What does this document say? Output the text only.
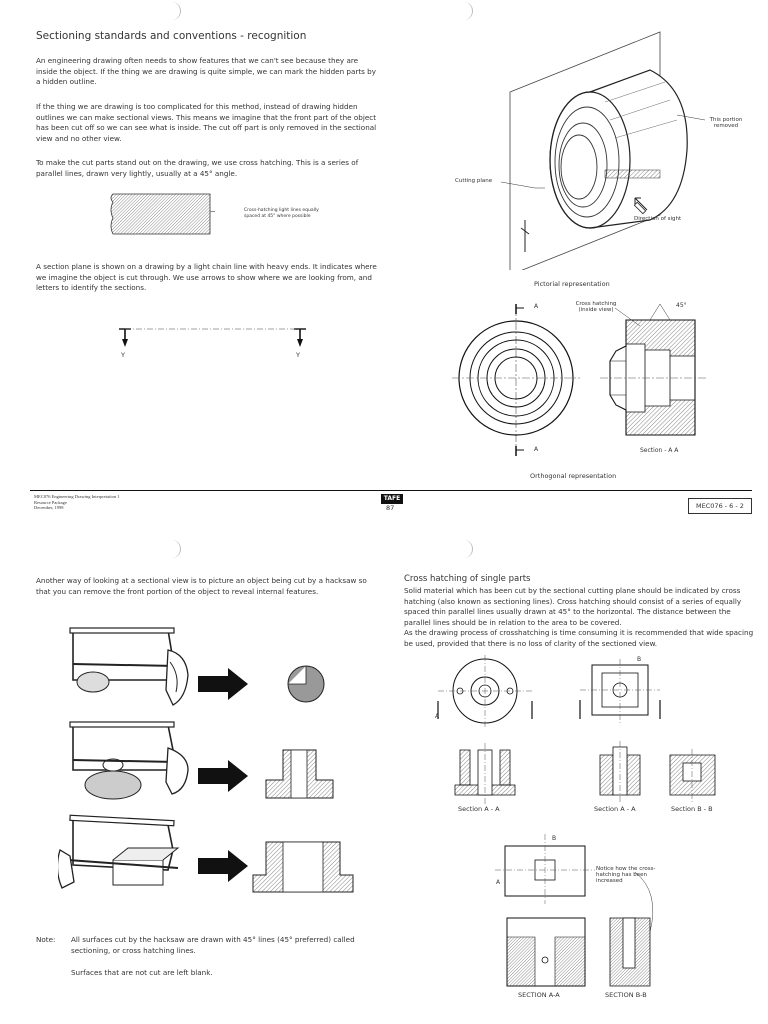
Sectioning standards and conventions - recognition

An engineering drawing often needs to show features that we can't see because they are inside the object. If the thing we are drawing is quite simple, we can mark the hidden parts by a hidden outline.

If the thing we are drawing is too complicated for this method, instead of drawing hidden outlines we can make sectional views. This means we imagine that the front part of the object has been cut off so we can see what is inside. The cut off part is only removed in the sectional view and no other view.

To make the cut parts stand out on the drawing, we use cross hatching. This is a series of parallel lines, drawn very lightly, usually at a 45° angle.

Cross-hatching light lines equally spaced at 45° where possible

A section plane is shown on a drawing by a light chain line with heavy ends. It indicates where we imagine the object is cut through. We use arrows to show where we are looking from, and letters to identify the sections.

Y	Y
This portion removed
Cutting plane
Direction of sight
Pictorial representation
A
A
Cross hatching (inside view)
45°
Section - A A
Orthogonal representation
MEC076 Engineering Drawing Interpretation 1
Resource Package
December, 1998
TAFE
87	MEC076 - 6 - 2

Another way of looking at a sectional view is to picture an object being cut by a hacksaw so that you can remove the front portion of the object to reveal internal features.

Note: All surfaces cut by the hacksaw are drawn with 45° lines (45° preferred) called sectioning, or cross hatching lines.

Surfaces that are not cut are left blank.

Cross hatching of single parts

Solid material which has been cut by the sectional cutting plane should be indicated by cross hatching (also known as sectioning lines). Cross hatching should consist of a series of equally spaced thin parallel lines usually drawn at 45° to the horizontal. The distance between the parallel lines should be in relation to the area to be covered.
As the drawing process of crosshatching is time consuming it is recommended that wide spacing be used, provided that there is no loss of clarity of the sectioned view.

Section A - A	Section A - A	Section B - B
A
B
Notice how the cross-hatching has been increased
SECTION A-A	SECTION B-B
A
B
